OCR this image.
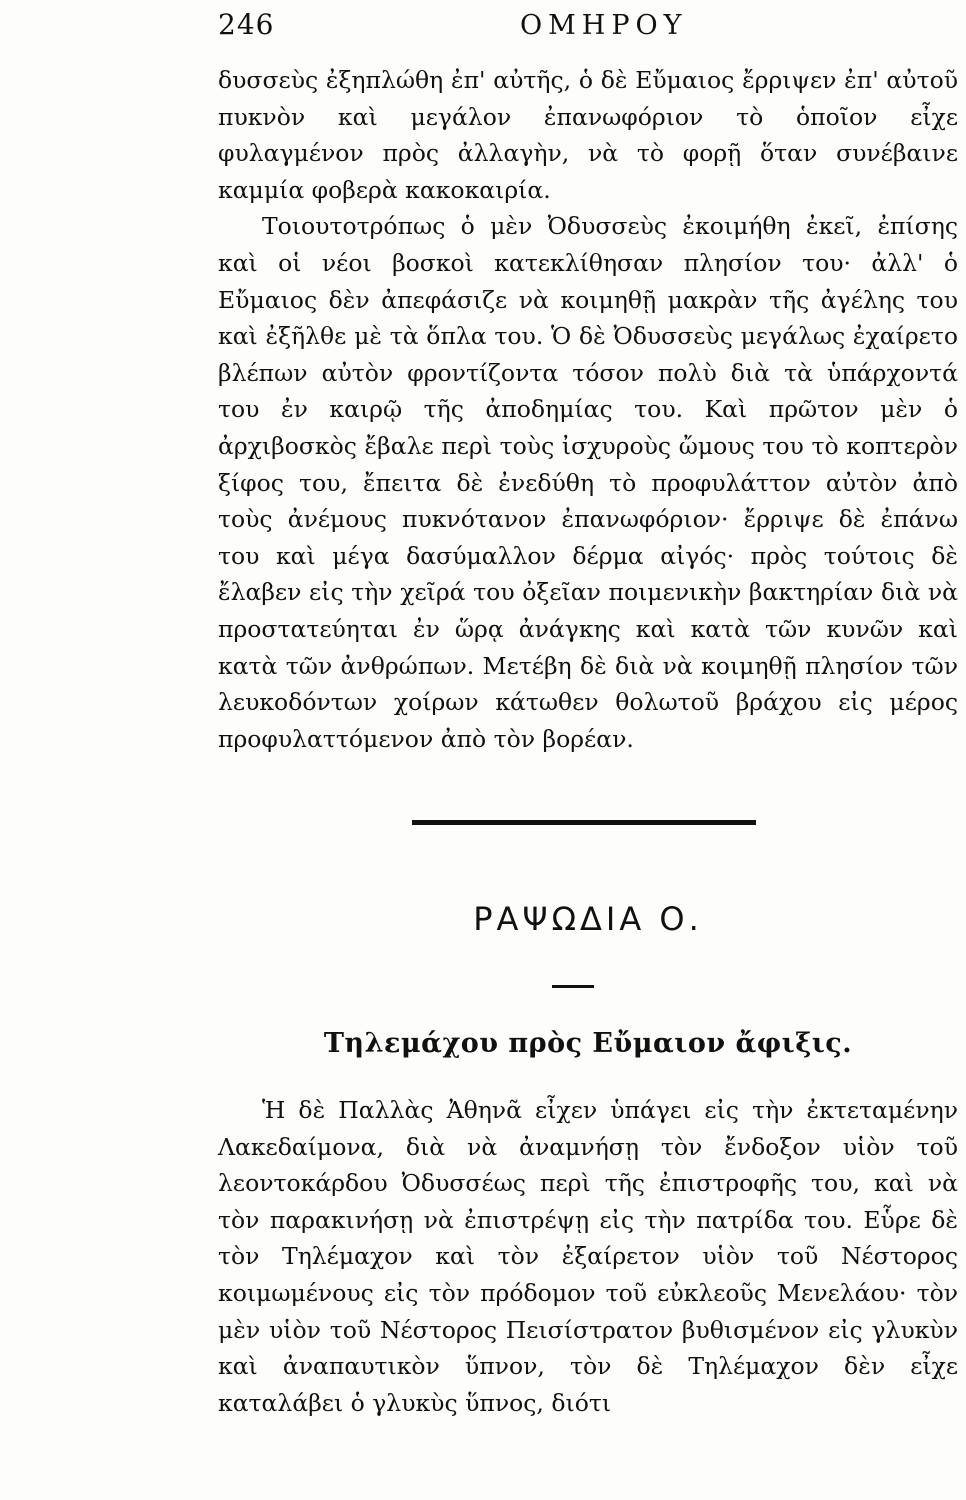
246	ΟΜΗΡΟΥ

δυσσεὺς ἐξηπλώθη ἐπ' αὐτῆς, ὁ δὲ Εὔμαιος ἔρριψεν ἐπ' αὐτοῦ πυκνὸν καὶ μεγάλον ἐπανωφόριον τὸ ὁποῖον εἶχε φυλαγμένον πρὸς ἀλλαγὴν, νὰ τὸ φορῇ ὅταν συνέβαινε καμμία φοβερὰ κακοκαιρία.

Τοιουτοτρόπως ὁ μὲν Ὀδυσσεὺς ἐκοιμήθη ἐκεῖ, ἐπίσης καὶ οἱ νέοι βοσκοὶ κατεκλίθησαν πλησίον του· ἀλλ' ὁ Εὔμαιος δὲν ἀπεφάσιζε νὰ κοιμηθῇ μακρὰν τῆς ἀγέλης του καὶ ἐξῆλθε μὲ τὰ ὅπλα του. Ὁ δὲ Ὀδυσσεὺς μεγάλως ἐχαίρετο βλέπων αὐτὸν φροντίζοντα τόσον πολὺ διὰ τὰ ὑπάρχοντά του ἐν καιρῷ τῆς ἀποδημίας του. Καὶ πρῶτον μὲν ὁ ἀρχιβοσκὸς ἔβαλε περὶ τοὺς ἰσχυροὺς ὤμους του τὸ κοπτερὸν ξίφος του, ἔπειτα δὲ ἐνεδύθη τὸ προφυλάττον αὐτὸν ἀπὸ τοὺς ἀνέμους πυκνότανον ἐπανωφόριον· ἔρριψε δὲ ἐπάνω του καὶ μέγα δασύμαλλον δέρμα αἰγός· πρὸς τούτοις δὲ ἔλαβεν εἰς τὴν χεῖρά του ὀξεῖαν ποιμενικὴν βακτηρίαν διὰ νὰ προστατεύηται ἐν ὥρᾳ ἀνάγκης καὶ κατὰ τῶν κυνῶν καὶ κατὰ τῶν ἀνθρώπων. Μετέβη δὲ διὰ νὰ κοιμηθῇ πλησίον τῶν λευκοδόντων χοίρων κάτωθεν θολωτοῦ βράχου εἰς μέρος προφυλαττόμενον ἀπὸ τὸν βορέαν.

ΡΑΨΩΔΙΑ Ο.
Τηλεμάχου πρὸς Εὔμαιον ἄφιξις.

Ἡ δὲ Παλλὰς Ἀθηνᾶ εἶχεν ὑπάγει εἰς τὴν ἐκτεταμένην Λακεδαίμονα, διὰ νὰ ἀναμνήσῃ τὸν ἔνδοξον υἱὸν τοῦ λεοντοκάρδου Ὀδυσσέως περὶ τῆς ἐπιστροφῆς του, καὶ νὰ τὸν παρακινήσῃ νὰ ἐπιστρέψῃ εἰς τὴν πατρίδα του. Εὗρε δὲ τὸν Τηλέμαχον καὶ τὸν ἐξαίρετον υἱὸν τοῦ Νέστορος κοιμωμένους εἰς τὸν πρόδομον τοῦ εὐκλεοῦς Μενελάου· τὸν μὲν υἱὸν τοῦ Νέστορος Πεισίστρατον βυθισμένον εἰς γλυκὺν καὶ ἀναπαυτικὸν ὕπνον, τὸν δὲ Τηλέμαχον δὲν εἶχε καταλάβει ὁ γλυκὺς ὕπνος, διότι
